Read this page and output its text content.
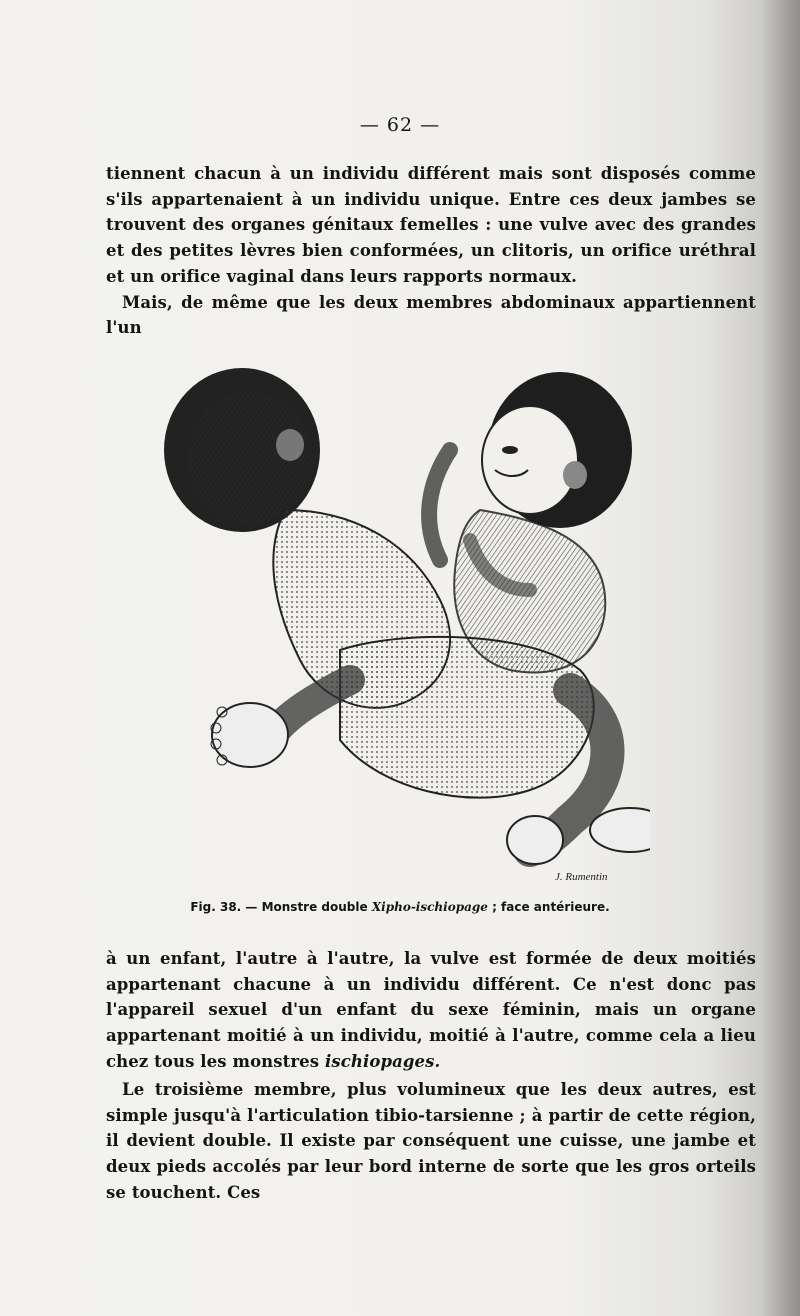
— 62 —
tiennent chacun à un individu différent mais sont disposés comme s'ils appartenaient à un individu unique. Entre ces deux jambes se trouvent des organes génitaux femelles : une vulve avec des grandes et des petites lèvres bien conformées, un clitoris, un orifice uréthral et un orifice vaginal dans leurs rapports normaux.
Mais, de même que les deux membres abdominaux appartiennent l'un
J. Rumentin
Fig. 38. — Monstre double Xipho-ischiopage ; face antérieure.
à un enfant, l'autre à l'autre, la vulve est formée de deux moitiés appartenant chacune à un individu différent. Ce n'est donc pas l'appareil sexuel d'un enfant du sexe féminin, mais un organe appartenant moitié à un individu, moitié à l'autre, comme cela a lieu chez tous les monstres ischiopages.
Le troisième membre, plus volumineux que les deux autres, est simple jusqu'à l'articulation tibio-tarsienne ; à partir de cette région, il devient double. Il existe par conséquent une cuisse, une jambe et deux pieds accolés par leur bord interne de sorte que les gros orteils se touchent. Ces
